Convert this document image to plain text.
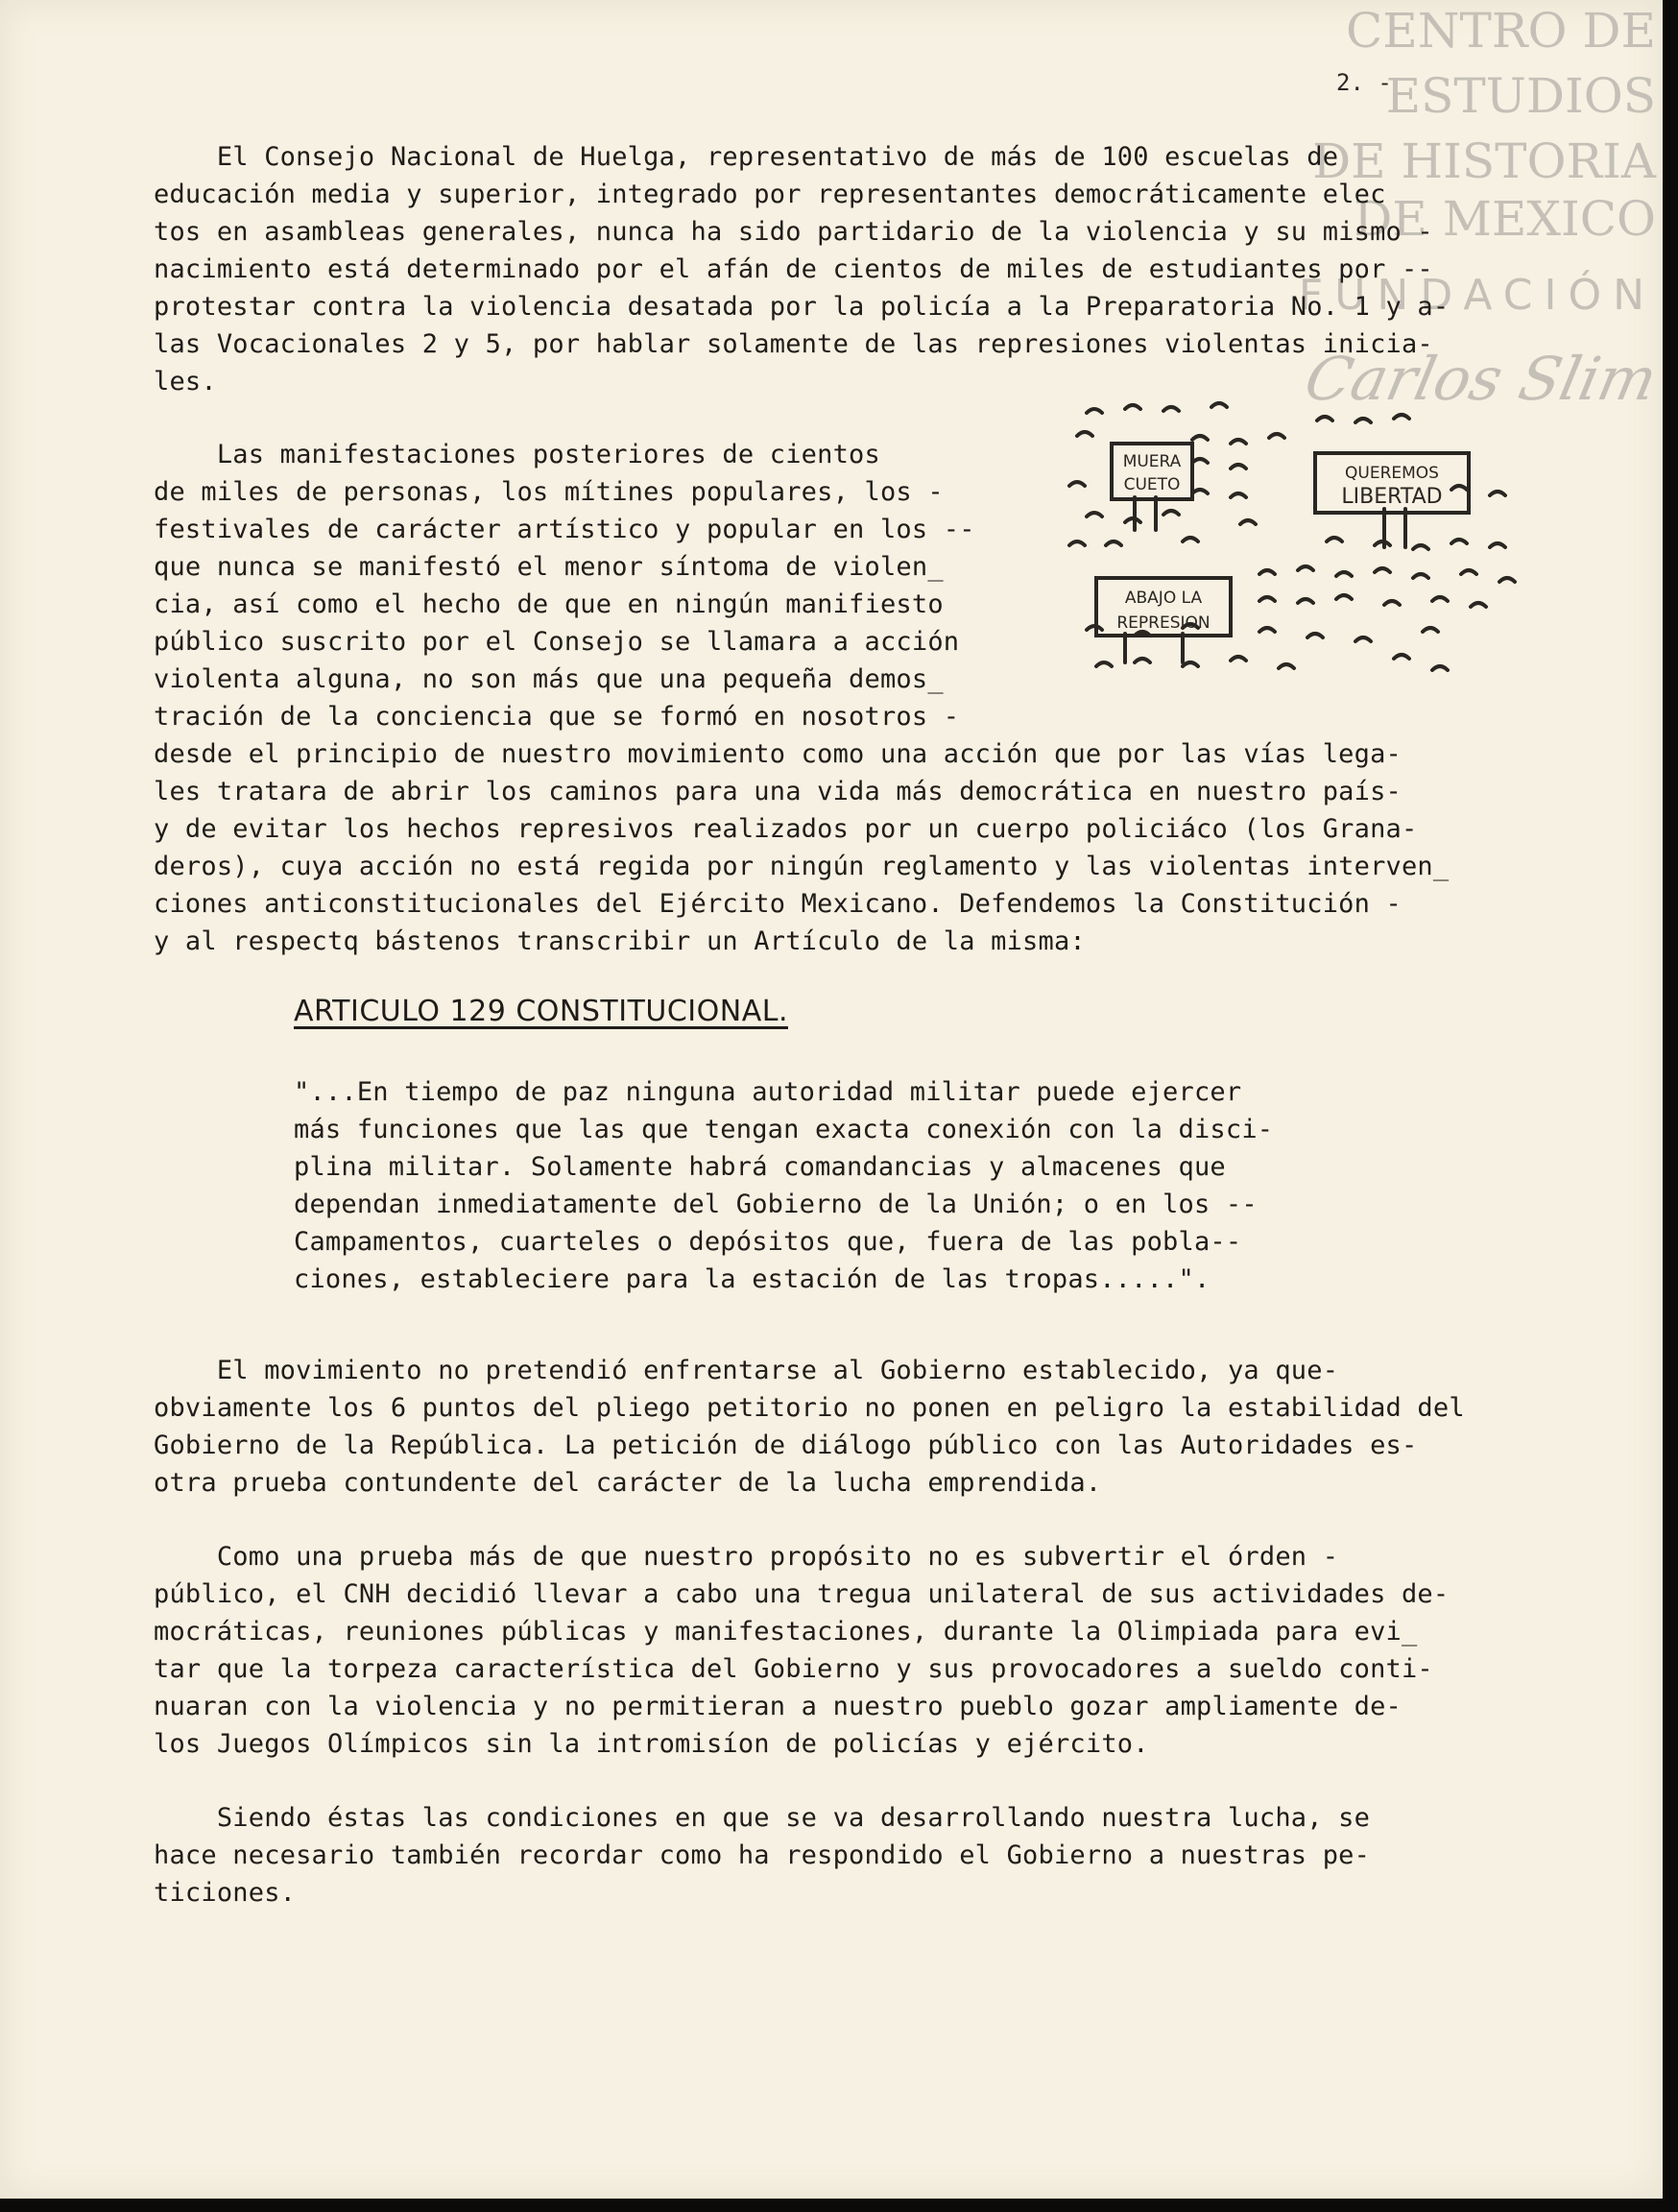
CENTRO DE
ESTUDIOS
DE HISTORIA
DE MEXICO
FUNDACIÓN
Carlos Slim
2. -
El Consejo Nacional de Huelga, representativo de más de 100 escuelas de
educación media y superior, integrado por representantes democráticamente elec
tos en asambleas generales, nunca ha sido partidario de la violencia y su mismo -
nacimiento está determinado por el afán de cientos de miles de estudiantes por --
protestar contra la violencia desatada por la policía a la Preparatoria No. 1 y a-
las Vocacionales 2 y 5, por hablar solamente de las represiones violentas inicia-
les.
Las manifestaciones posteriores de cientos
de miles de personas, los mítines populares, los -
festivales de carácter artístico y popular en los --
que nunca se manifestó el menor síntoma de violen_
cia, así como el hecho de que en ningún manifiesto
público suscrito por el Consejo se llamara a acción
violenta alguna, no son más que una pequeña demos_
tración de la conciencia que se formó en nosotros -
MUERA
CUETO
QUEREMOS
LIBERTAD
ABAJO LA
REPRESION
desde el principio de nuestro movimiento como una acción que por las vías lega-
les tratara de abrir los caminos para una vida más democrática en nuestro país-
y de evitar los hechos represivos realizados por un cuerpo policiáco (los Grana-
deros), cuya acción no está regida por ningún reglamento y las violentas interven_
ciones anticonstitucionales del Ejército Mexicano. Defendemos la Constitución -
y al respectq bástenos transcribir un Artículo de la misma:
ARTICULO 129 CONSTITUCIONAL.
"...En tiempo de paz ninguna autoridad militar puede ejercer
más funciones que las que tengan exacta conexión con la disci-
plina militar. Solamente habrá comandancias y almacenes que
dependan inmediatamente del Gobierno de la Unión; o en los --
Campamentos, cuarteles o depósitos que, fuera de las pobla--
ciones, estableciere para la estación de las tropas.....".
El movimiento no pretendió enfrentarse al Gobierno establecido, ya que-
obviamente los 6 puntos del pliego petitorio no ponen en peligro la estabilidad del
Gobierno de la República. La petición de diálogo público con las Autoridades es-
otra prueba contundente del carácter de la lucha emprendida.
Como una prueba más de que nuestro propósito no es subvertir el órden -
público, el CNH decidió llevar a cabo una tregua unilateral de sus actividades de-
mocráticas, reuniones públicas y manifestaciones, durante la Olimpiada para evi_
tar que la torpeza característica del Gobierno y sus provocadores a sueldo conti-
nuaran con la violencia y no permitieran a nuestro pueblo gozar ampliamente de-
los Juegos Olímpicos sin la intromisíon de policías y ejército.
Siendo éstas las condiciones en que se va desarrollando nuestra lucha, se
hace necesario también recordar como ha respondido el Gobierno a nuestras pe-
ticiones.
